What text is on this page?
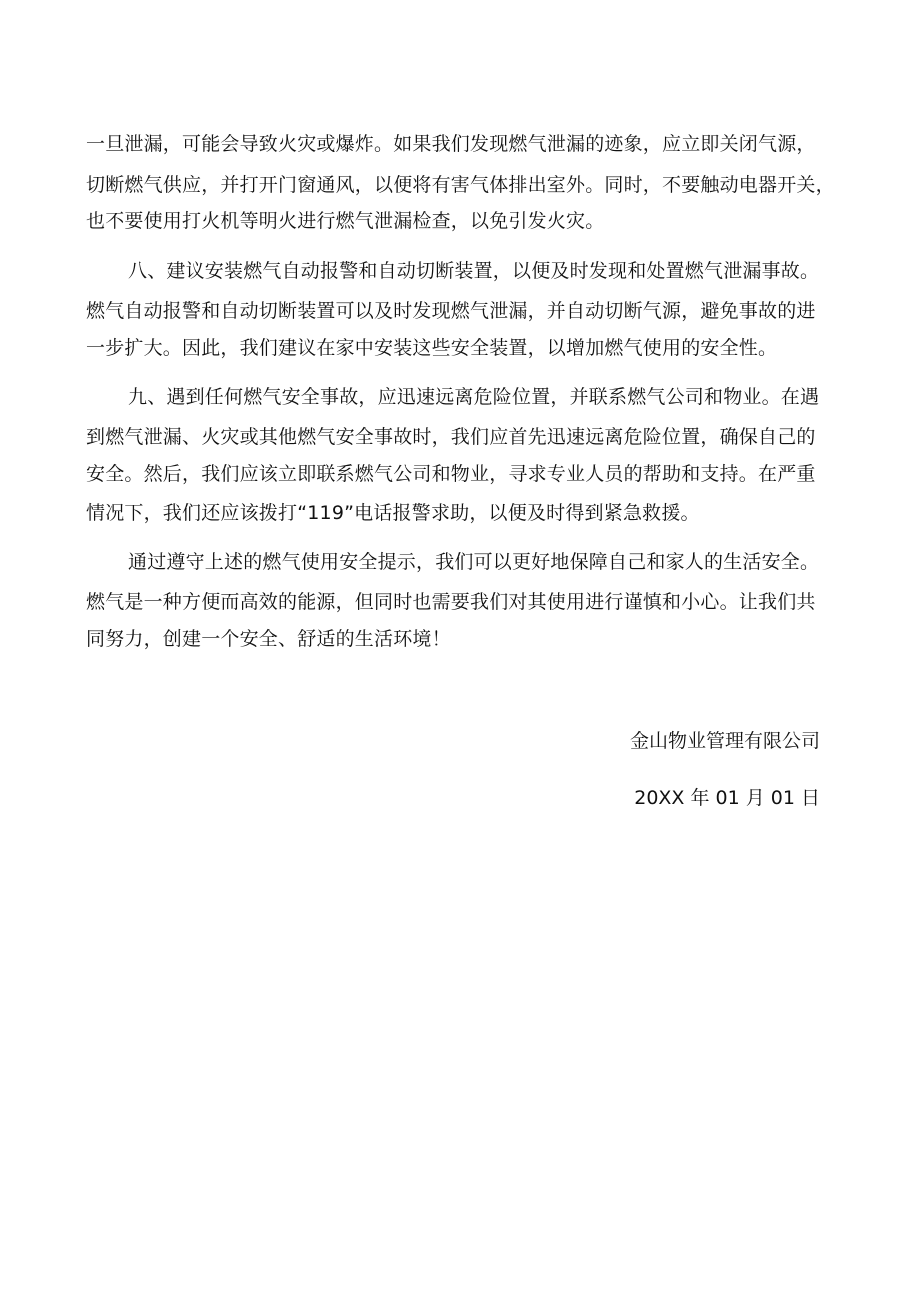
一旦泄漏，可能会导致火灾或爆炸。如果我们发现燃气泄漏的迹象，应立即关闭气源，
切断燃气供应，并打开门窗通风，以便将有害气体排出室外。同时，不要触动电器开关，
也不要使用打火机等明火进行燃气泄漏检查，以免引发火灾。
八、建议安装燃气自动报警和自动切断装置，以便及时发现和处置燃气泄漏事故。
燃气自动报警和自动切断装置可以及时发现燃气泄漏，并自动切断气源，避免事故的进
一步扩大。因此，我们建议在家中安装这些安全装置，以增加燃气使用的安全性。
九、遇到任何燃气安全事故，应迅速远离危险位置，并联系燃气公司和物业。在遇
到燃气泄漏、火灾或其他燃气安全事故时，我们应首先迅速远离危险位置，确保自己的
安全。然后，我们应该立即联系燃气公司和物业，寻求专业人员的帮助和支持。在严重
情况下，我们还应该拨打“119”电话报警求助，以便及时得到紧急救援。
通过遵守上述的燃气使用安全提示，我们可以更好地保障自己和家人的生活安全。
燃气是一种方便而高效的能源，但同时也需要我们对其使用进行谨慎和小心。让我们共
同努力，创建一个安全、舒适的生活环境！
金山物业管理有限公司
20XX 年 01 月 01 日
